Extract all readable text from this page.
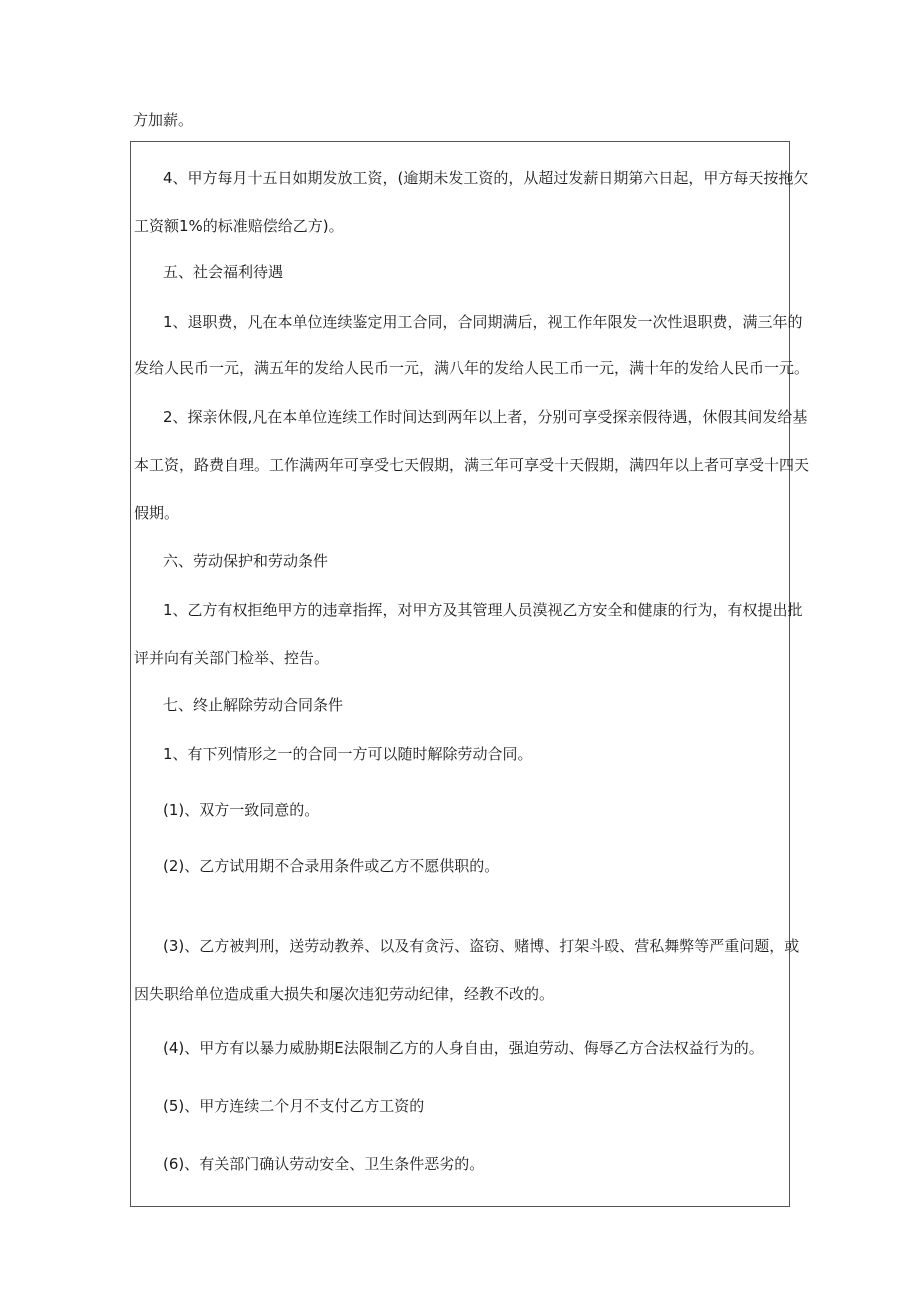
方加薪。
4、甲方每月十五日如期发放工资，(逾期未发工资的，从超过发薪日期第六日起，甲方每天按拖欠
工资额1%的标准赔偿给乙方)。
五、社会福利待遇
1、退职费，凡在本单位连续鉴定用工合同，合同期满后，视工作年限发一次性退职费，满三年的
发给人民币一元，满五年的发给人民币一元，满八年的发给人民工币一元，满十年的发给人民币一元。
2、探亲休假,凡在本单位连续工作时间达到两年以上者，分别可享受探亲假待遇，休假其间发给基
本工资，路费自理。工作满两年可享受七天假期，满三年可享受十天假期，满四年以上者可享受十四天
假期。
六、劳动保护和劳动条件
1、乙方有权拒绝甲方的违章指挥，对甲方及其管理人员漠视乙方安全和健康的行为，有权提出批
评并向有关部门检举、控告。
七、终止解除劳动合同条件
1、有下列情形之一的合同一方可以随时解除劳动合同。
(1)、双方一致同意的。
(2)、乙方试用期不合录用条件或乙方不愿供职的。
(3)、乙方被判刑，送劳动教养、以及有贪污、盗窃、赌博、打架斗殴、营私舞弊等严重问题，或
因失职给单位造成重大损失和屡次违犯劳动纪律，经教不改的。
(4)、甲方有以暴力威胁期E法限制乙方的人身自由，强迫劳动、侮辱乙方合法权益行为的。
(5)、甲方连续二个月不支付乙方工资的
(6)、有关部门确认劳动安全、卫生条件恶劣的。
